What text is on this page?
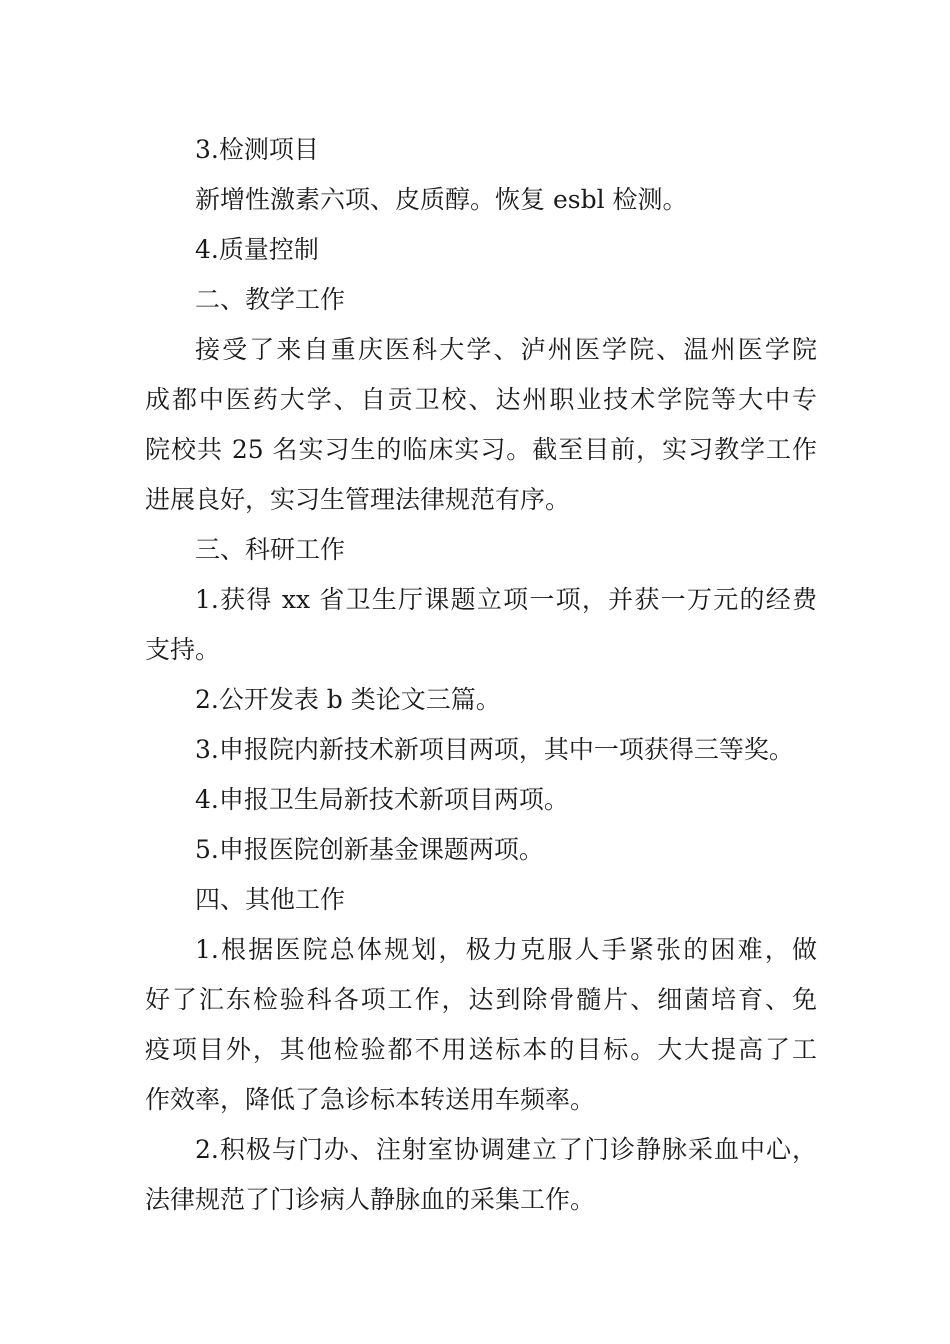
3.检测项目

新增性激素六项、皮质醇。恢复 esbl 检测。

4.质量控制

二、教学工作

接受了来自重庆医科大学、泸州医学院、温州医学院
成都中医药大学、自贡卫校、达州职业技术学院等大中专
院校共 25 名实习生的临床实习。截至目前，实习教学工作
进展良好，实习生管理法律规范有序。

三、科研工作

1.获得 xx 省卫生厅课题立项一项，并获一万元的经费
支持。

2.公开发表 b 类论文三篇。

3.申报院内新技术新项目两项，其中一项获得三等奖。

4.申报卫生局新技术新项目两项。

5.申报医院创新基金课题两项。

四、其他工作

1.根据医院总体规划，极力克服人手紧张的困难，做
好了汇东检验科各项工作，达到除骨髓片、细菌培育、免
疫项目外，其他检验都不用送标本的目标。大大提高了工
作效率，降低了急诊标本转送用车频率。

2.积极与门办、注射室协调建立了门诊静脉采血中心，
法律规范了门诊病人静脉血的采集工作。
